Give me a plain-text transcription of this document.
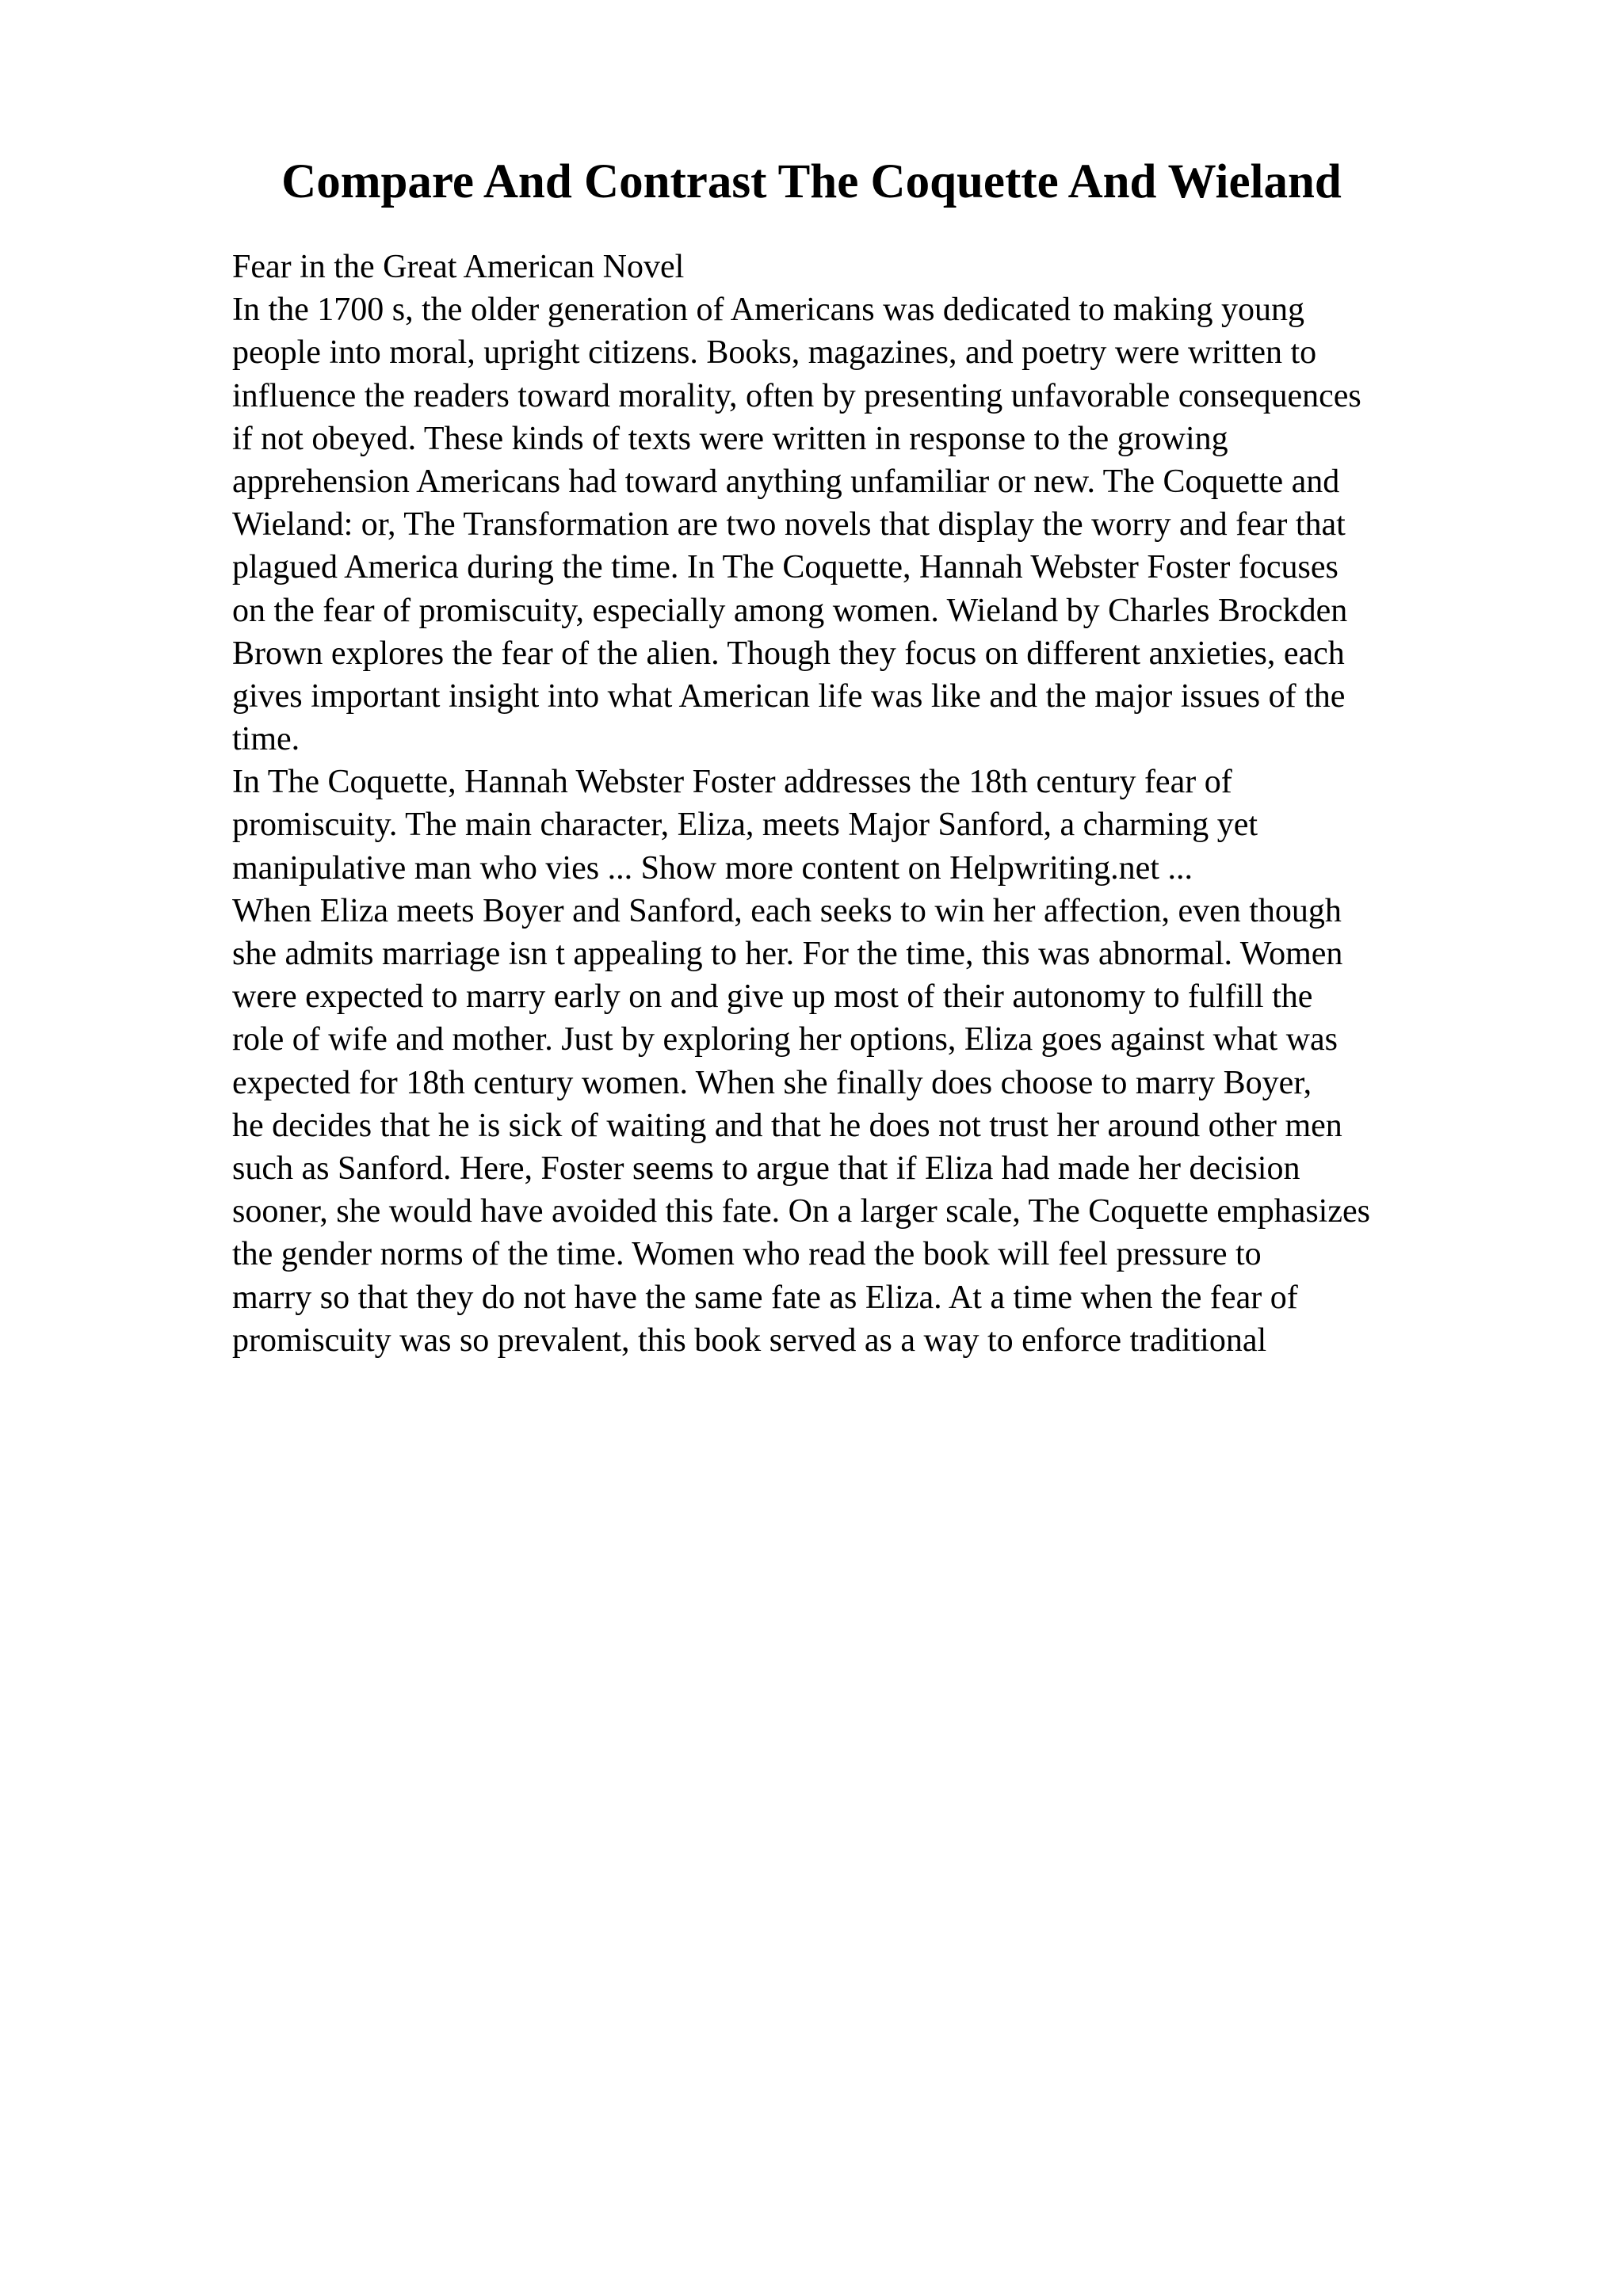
Compare And Contrast The Coquette And Wieland
Fear in the Great American Novel
In the 1700 s, the older generation of Americans was dedicated to making young
people into moral, upright citizens. Books, magazines, and poetry were written to
influence the readers toward morality, often by presenting unfavorable consequences
if not obeyed. These kinds of texts were written in response to the growing
apprehension Americans had toward anything unfamiliar or new. The Coquette and
Wieland: or, The Transformation are two novels that display the worry and fear that
plagued America during the time. In The Coquette, Hannah Webster Foster focuses
on the fear of promiscuity, especially among women. Wieland by Charles Brockden
Brown explores the fear of the alien. Though they focus on different anxieties, each
gives important insight into what American life was like and the major issues of the
time.
In The Coquette, Hannah Webster Foster addresses the 18th century fear of
promiscuity. The main character, Eliza, meets Major Sanford, a charming yet
manipulative man who vies ... Show more content on Helpwriting.net ...
When Eliza meets Boyer and Sanford, each seeks to win her affection, even though
she admits marriage isn t appealing to her. For the time, this was abnormal. Women
were expected to marry early on and give up most of their autonomy to fulfill the
role of wife and mother. Just by exploring her options, Eliza goes against what was
expected for 18th century women. When she finally does choose to marry Boyer,
he decides that he is sick of waiting and that he does not trust her around other men
such as Sanford. Here, Foster seems to argue that if Eliza had made her decision
sooner, she would have avoided this fate. On a larger scale, The Coquette emphasizes
the gender norms of the time. Women who read the book will feel pressure to
marry so that they do not have the same fate as Eliza. At a time when the fear of
promiscuity was so prevalent, this book served as a way to enforce traditional
